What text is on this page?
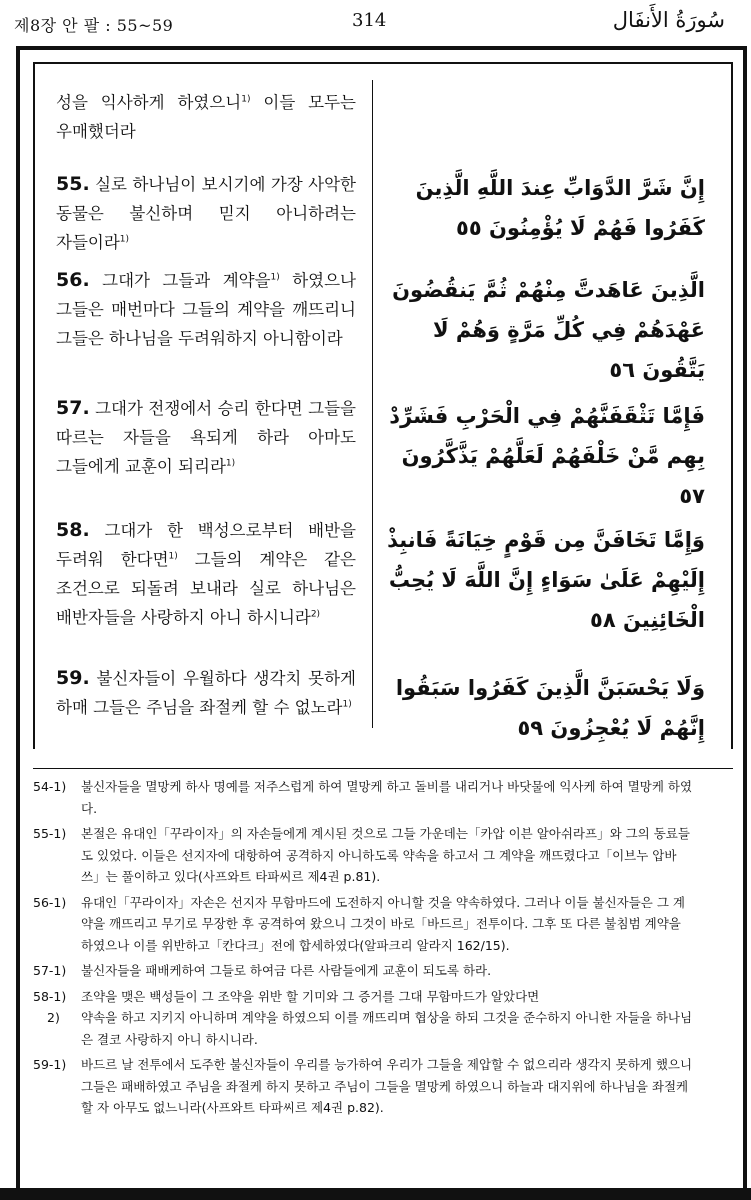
제8장 안 팔 : 55~59	314	سُورَةُ الأَنفَال
성을 익사하게 하였으니$^{1)}$ 이들 모두는 우매했더라
55. 실로 하나님이 보시기에 가장 사악한 동물은 불신하며 믿지 아니하려는 자들이라$^{1)}$
56. 그대가 그들과 계약을$^{1)}$ 하였으나 그들은 매번마다 그들의 계약을 깨뜨리니 그들은 하나님을 두려워하지 아니함이라
57. 그대가 전쟁에서 승리 한다면 그들을 따르는 자들을 욕되게 하라 아마도 그들에게 교훈이 되리라$^{1)}$
58. 그대가 한 백성으로부터 배반을 두려워 한다면$^{1)}$ 그들의 계약은 같은 조건으로 되돌려 보내라 실로 하나님은 배반자들을 사랑하지 아니 하시니라$^{2)}$
59. 불신자들이 우월하다 생각치 못하게 하매 그들은 주님을 좌절케 할 수 없노라$^{1)}$
إِنَّ شَرَّ الدَّوَابِّ عِندَ اللَّهِ الَّذِينَ كَفَرُوا فَهُمْ لَا يُؤْمِنُونَ ٥٥
الَّذِينَ عَاهَدتَّ مِنْهُمْ ثُمَّ يَنقُضُونَ عَهْدَهُمْ فِي كُلِّ مَرَّةٍ وَهُمْ لَا يَتَّقُونَ ٥٦
فَإِمَّا تَثْقَفَنَّهُمْ فِي الْحَرْبِ فَشَرِّدْ بِهِم مَّنْ خَلْفَهُمْ لَعَلَّهُمْ يَذَّكَّرُونَ ٥٧
وَإِمَّا تَخَافَنَّ مِن قَوْمٍ خِيَانَةً فَانبِذْ إِلَيْهِمْ عَلَىٰ سَوَاءٍ إِنَّ اللَّهَ لَا يُحِبُّ الْخَائِنِينَ ٥٨
وَلَا يَحْسَبَنَّ الَّذِينَ كَفَرُوا سَبَقُوا إِنَّهُمْ لَا يُعْجِزُونَ ٥٩
54-1) 불신자들을 멸망케 하사 명예를 저주스럽게 하여 멸망케 하고 돌비를 내리거나 바닷물에 익사케 하여 멸망케 하였다.
55-1) 본절은 유대인「꾸라이자」의 자손들에게 계시된 것으로 그들 가운데는「카압 이븐 알아쉬라프」와 그의 동료들도 있었다. 이들은 선지자에 대항하여 공격하지 아니하도록 약속을 하고서 그 계약을 깨뜨렸다고「이브누 압바쓰」는 풀이하고 있다(사프와트 타파씨르 제4권 p.81).
56-1) 유대인「꾸라이자」자손은 선지자 무함마드에 도전하지 아니할 것을 약속하였다. 그러나 이들 불신자들은 그 계약을 깨뜨리고 무기로 무장한 후 공격하여 왔으니 그것이 바로「바드르」전투이다. 그후 또 다른 불침범 계약을 하였으나 이를 위반하고「칸다크」전에 합세하였다(알파크리 알라지 162/15).
57-1) 불신자들을 패배케하여 그들로 하여금 다른 사람들에게 교훈이 되도록 하라.
58-1) 조약을 맺은 백성들이 그 조약을 위반 할 기미와 그 증거를 그대 무함마드가 알았다면
2) 약속을 하고 지키지 아니하며 계약을 하였으되 이를 깨뜨리며 협상을 하되 그것을 준수하지 아니한 자들을 하나님은 결코 사랑하지 아니 하시니라.
59-1) 바드르 날 전투에서 도주한 불신자들이 우리를 능가하여 우리가 그들을 제압할 수 없으리라 생각지 못하게 했으니 그들은 패배하였고 주님을 좌절케 하지 못하고 주님이 그들을 멸망케 하였으니 하늘과 대지위에 하나님을 좌절케 할 자 아무도 없느니라(사프와트 타파씨르 제4권 p.82).
